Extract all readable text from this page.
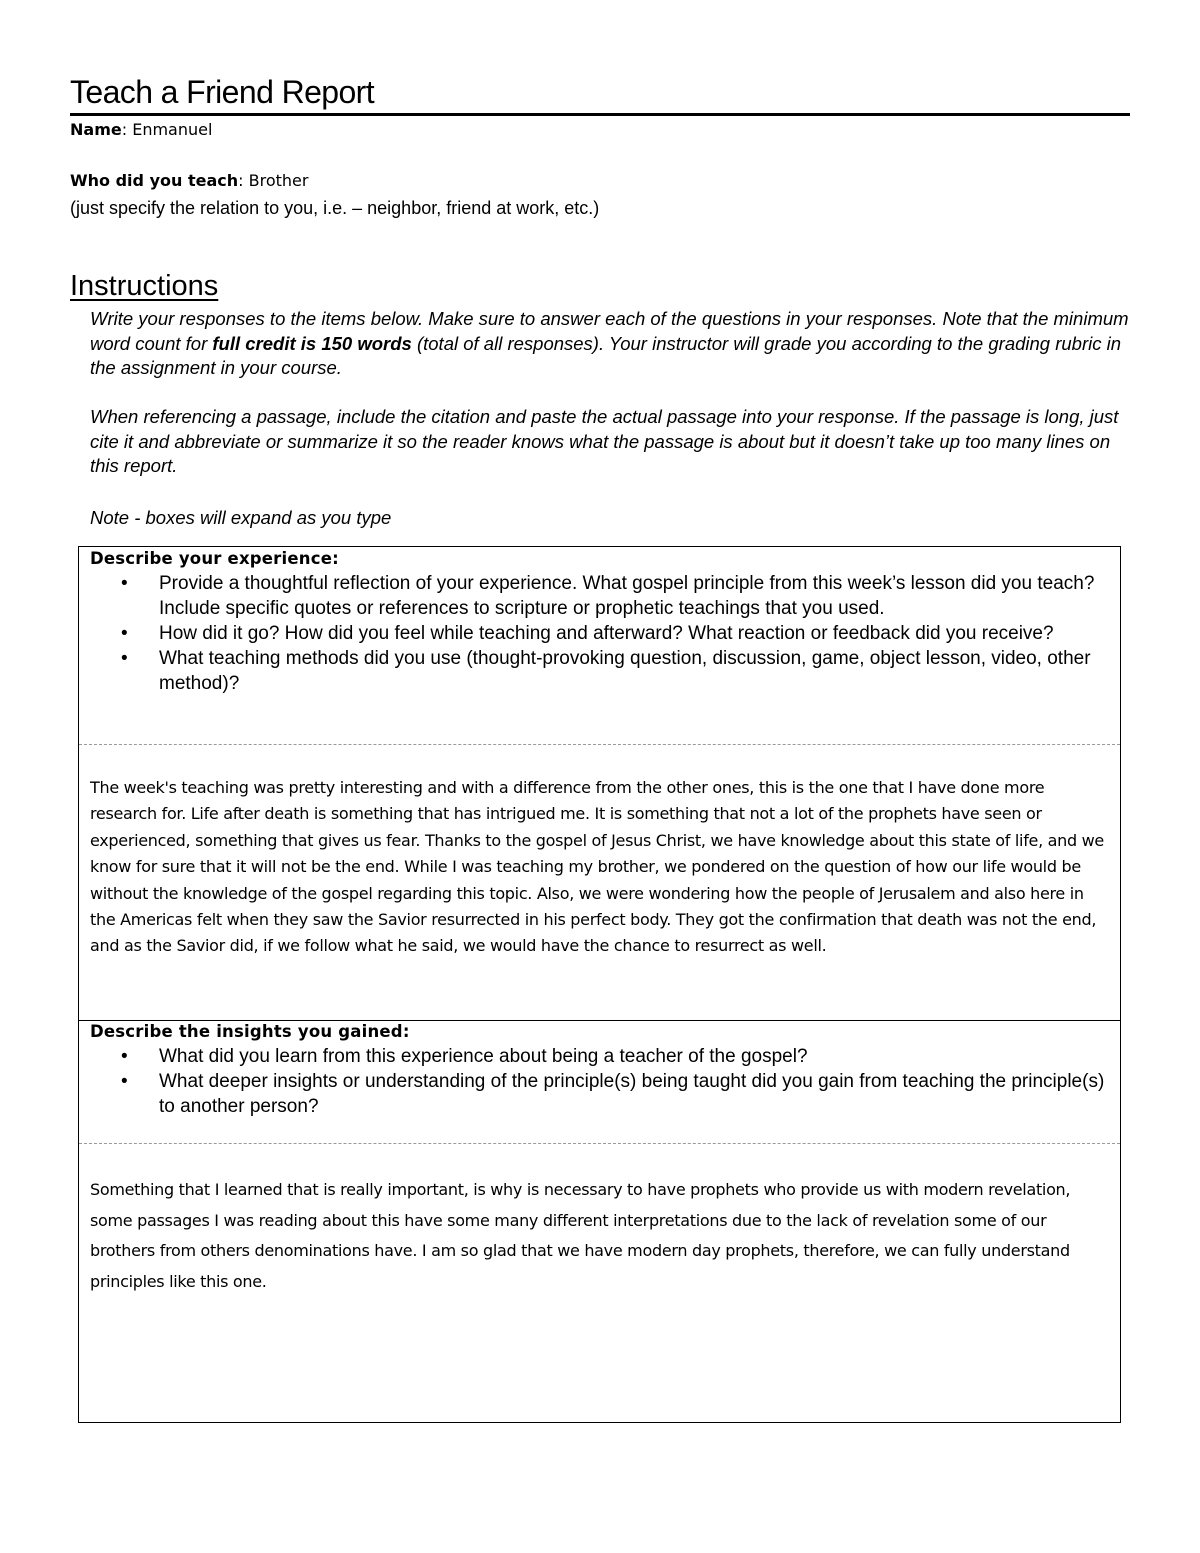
Teach a Friend Report
Name: Enmanuel
Who did you teach: Brother
(just specify the relation to you, i.e. – neighbor, friend at work, etc.)
Instructions

Write your responses to the items below. Make sure to answer each of the questions in your responses. Note that the minimum word count for full credit is 150 words (total of all responses). Your instructor will grade you according to the grading rubric in the assignment in your course.

When referencing a passage, include the citation and paste the actual passage into your response. If the passage is long, just cite it and abbreviate or summarize it so the reader knows what the passage is about but it doesn’t take up too many lines on this report.

Note - boxes will expand as you type

Describe your experience:

• Provide a thoughtful reflection of your experience. What gospel principle from this week’s lesson did you teach? Include specific quotes or references to scripture or prophetic teachings that you used.
• How did it go? How did you feel while teaching and afterward? What reaction or feedback did you receive?
• What teaching methods did you use (thought-provoking question, discussion, game, object lesson, video, other method)?

The week's teaching was pretty interesting and with a difference from the other ones, this is the one that I have done more research for. Life after death is something that has intrigued me. It is something that not a lot of the prophets have seen or experienced, something that gives us fear. Thanks to the gospel of Jesus Christ, we have knowledge about this state of life, and we know for sure that it will not be the end. While I was teaching my brother, we pondered on the question of how our life would be without the knowledge of the gospel regarding this topic. Also, we were wondering how the people of Jerusalem and also here in the Americas felt when they saw the Savior resurrected in his perfect body. They got the confirmation that death was not the end, and as the Savior did, if we follow what he said, we would have the chance to resurrect as well.

Describe the insights you gained:

• What did you learn from this experience about being a teacher of the gospel?
• What deeper insights or understanding of the principle(s) being taught did you gain from teaching the principle(s) to another person?

Something that I learned that is really important, is why is necessary to have prophets who provide us with modern revelation, some passages I was reading about this have some many different interpretations due to the lack of revelation some of our brothers from others denominations have. I am so glad that we have modern day prophets, therefore, we can fully understand principles like this one.
